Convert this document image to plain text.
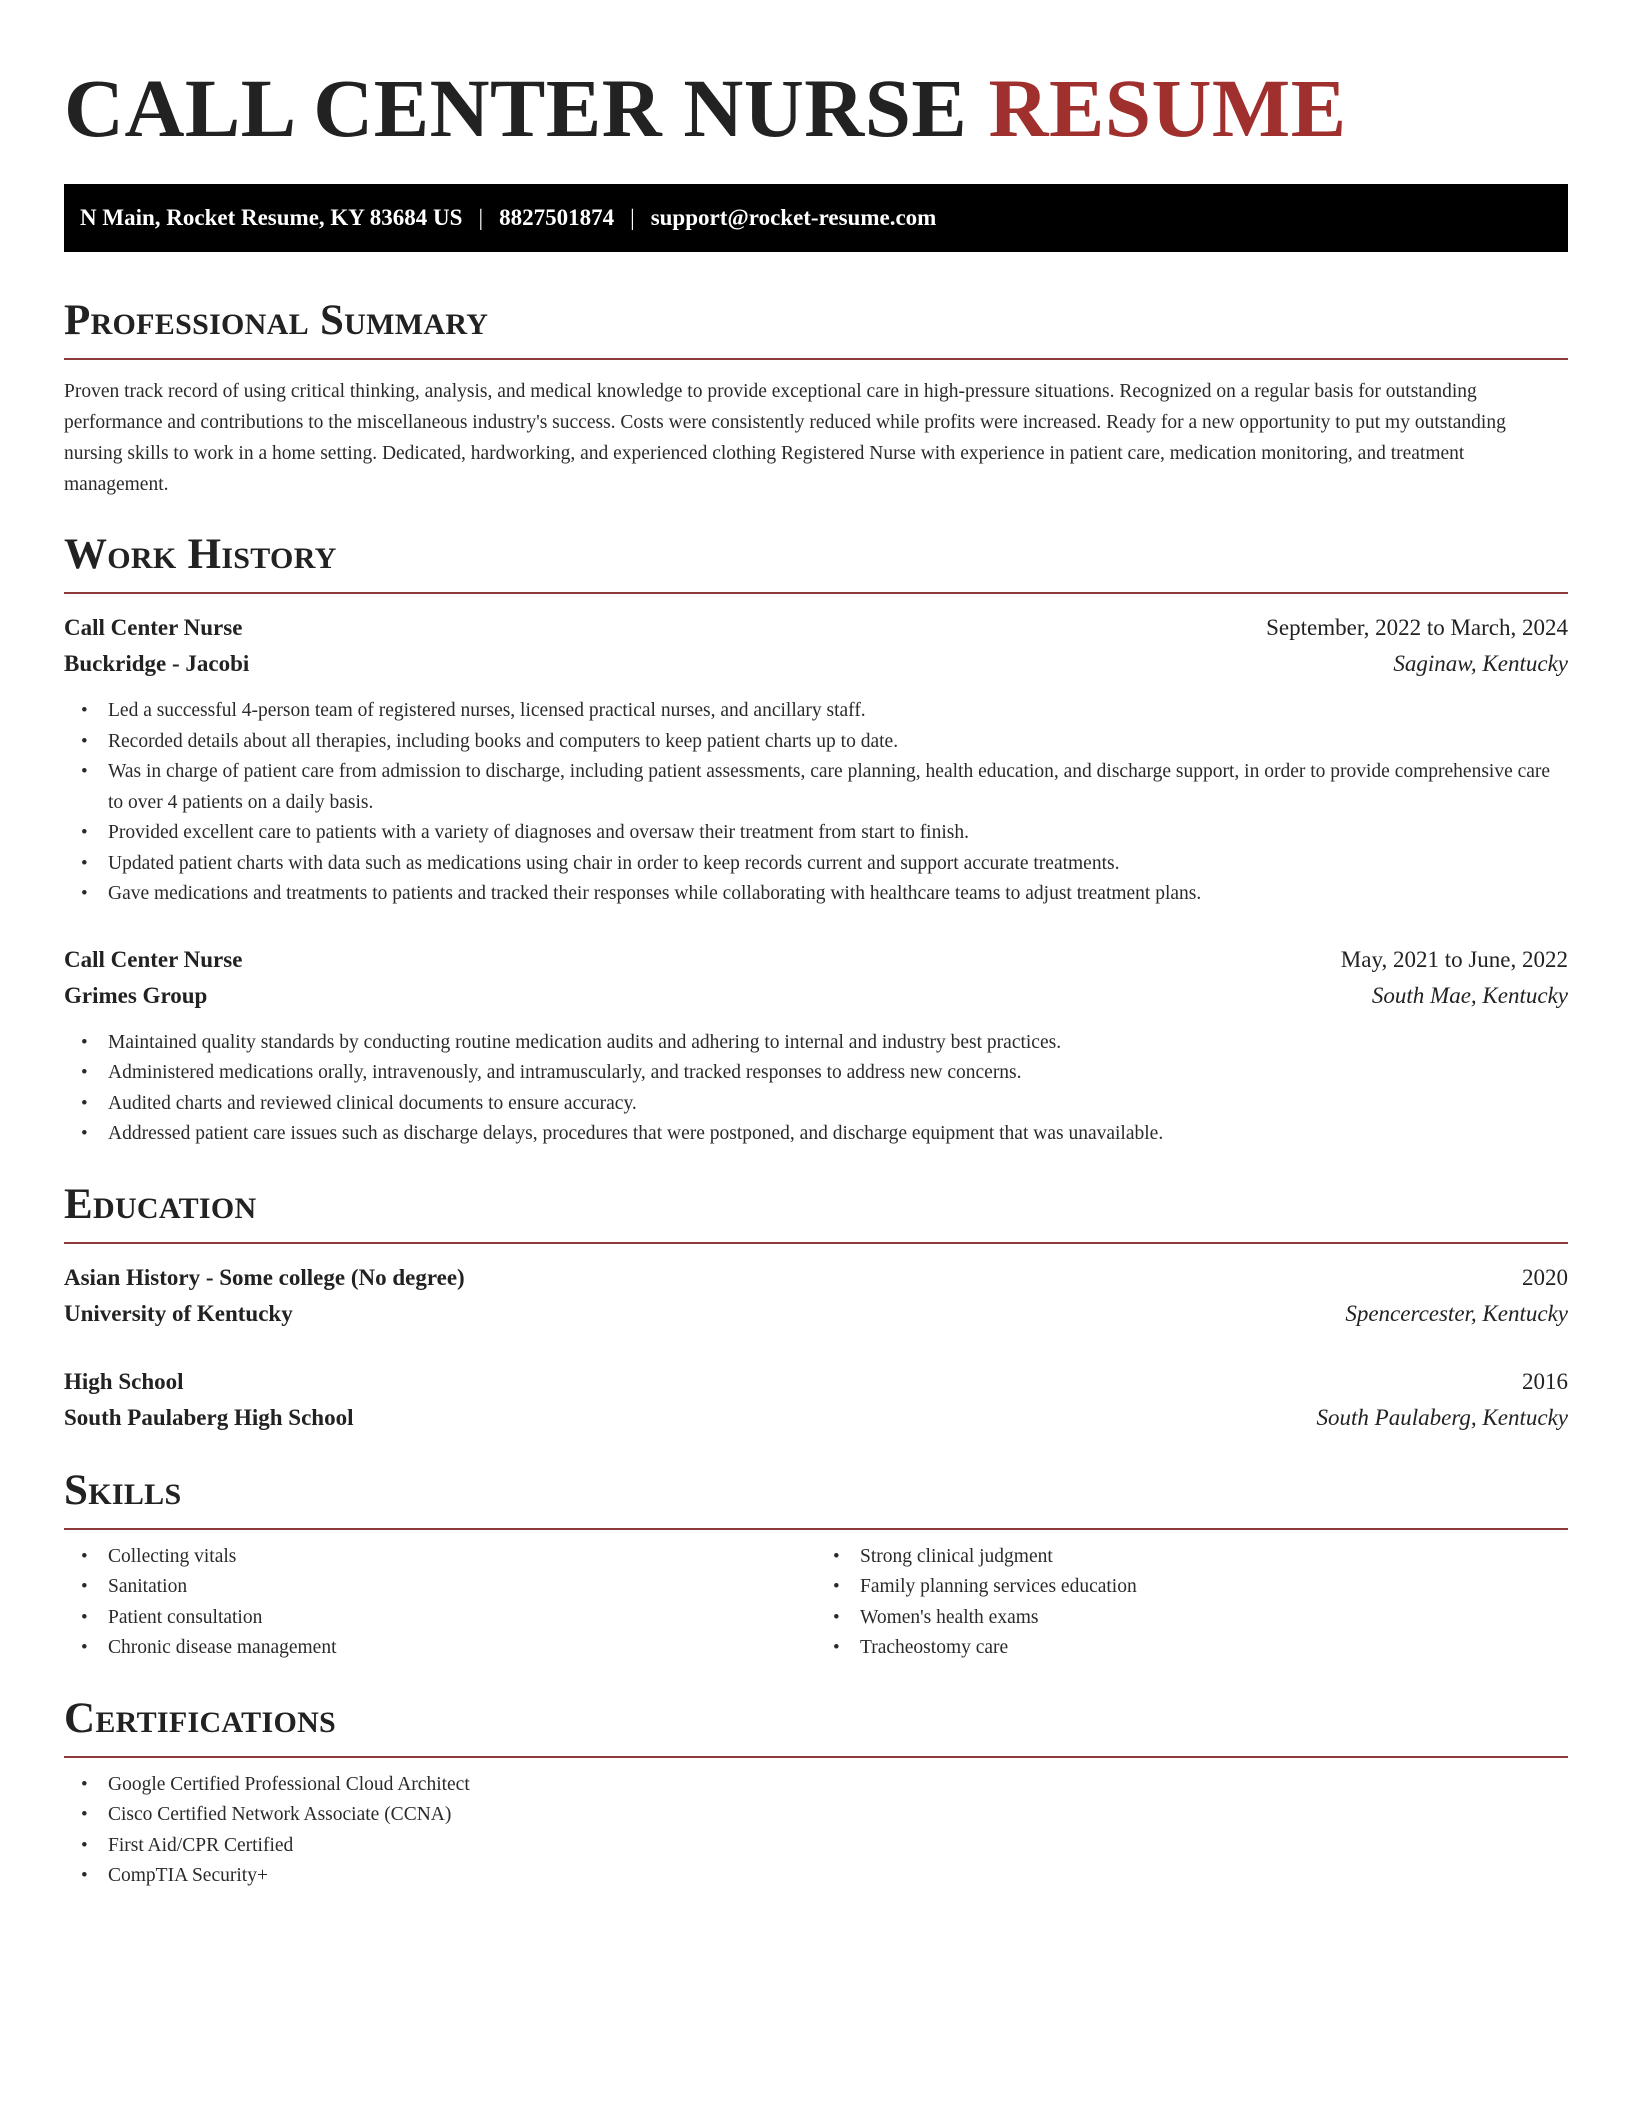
CALL CENTER NURSE RESUME
N Main, Rocket Resume, KY 83684 US | 8827501874 | support@rocket-resume.com
Professional Summary

Proven track record of using critical thinking, analysis, and medical knowledge to provide exceptional care in high-pressure situations. Recognized on a regular basis for outstanding performance and contributions to the miscellaneous industry's success. Costs were consistently reduced while profits were increased. Ready for a new opportunity to put my outstanding nursing skills to work in a home setting. Dedicated, hardworking, and experienced clothing Registered Nurse with experience in patient care, medication monitoring, and treatment management.

Work History
Call Center Nurse	September, 2022 to March, 2024
Buckridge - Jacobi	Saginaw, Kentucky
• Led a successful 4-person team of registered nurses, licensed practical nurses, and ancillary staff.
• Recorded details about all therapies, including books and computers to keep patient charts up to date.
• Was in charge of patient care from admission to discharge, including patient assessments, care planning, health education, and discharge support, in order to provide comprehensive care to over 4 patients on a daily basis.
• Provided excellent care to patients with a variety of diagnoses and oversaw their treatment from start to finish.
• Updated patient charts with data such as medications using chair in order to keep records current and support accurate treatments.
• Gave medications and treatments to patients and tracked their responses while collaborating with healthcare teams to adjust treatment plans.
Call Center Nurse	May, 2021 to June, 2022
Grimes Group	South Mae, Kentucky
• Maintained quality standards by conducting routine medication audits and adhering to internal and industry best practices.
• Administered medications orally, intravenously, and intramuscularly, and tracked responses to address new concerns.
• Audited charts and reviewed clinical documents to ensure accuracy.
• Addressed patient care issues such as discharge delays, procedures that were postponed, and discharge equipment that was unavailable.
Education
Asian History - Some college (No degree)	2020
University of Kentucky	Spencercester, Kentucky
High School	2016
South Paulaberg High School	South Paulaberg, Kentucky
Skills
• Collecting vitals
• Sanitation
• Patient consultation
• Chronic disease management
• Strong clinical judgment
• Family planning services education
• Women's health exams
• Tracheostomy care
Certifications
• Google Certified Professional Cloud Architect
• Cisco Certified Network Associate (CCNA)
• First Aid/CPR Certified
• CompTIA Security+
